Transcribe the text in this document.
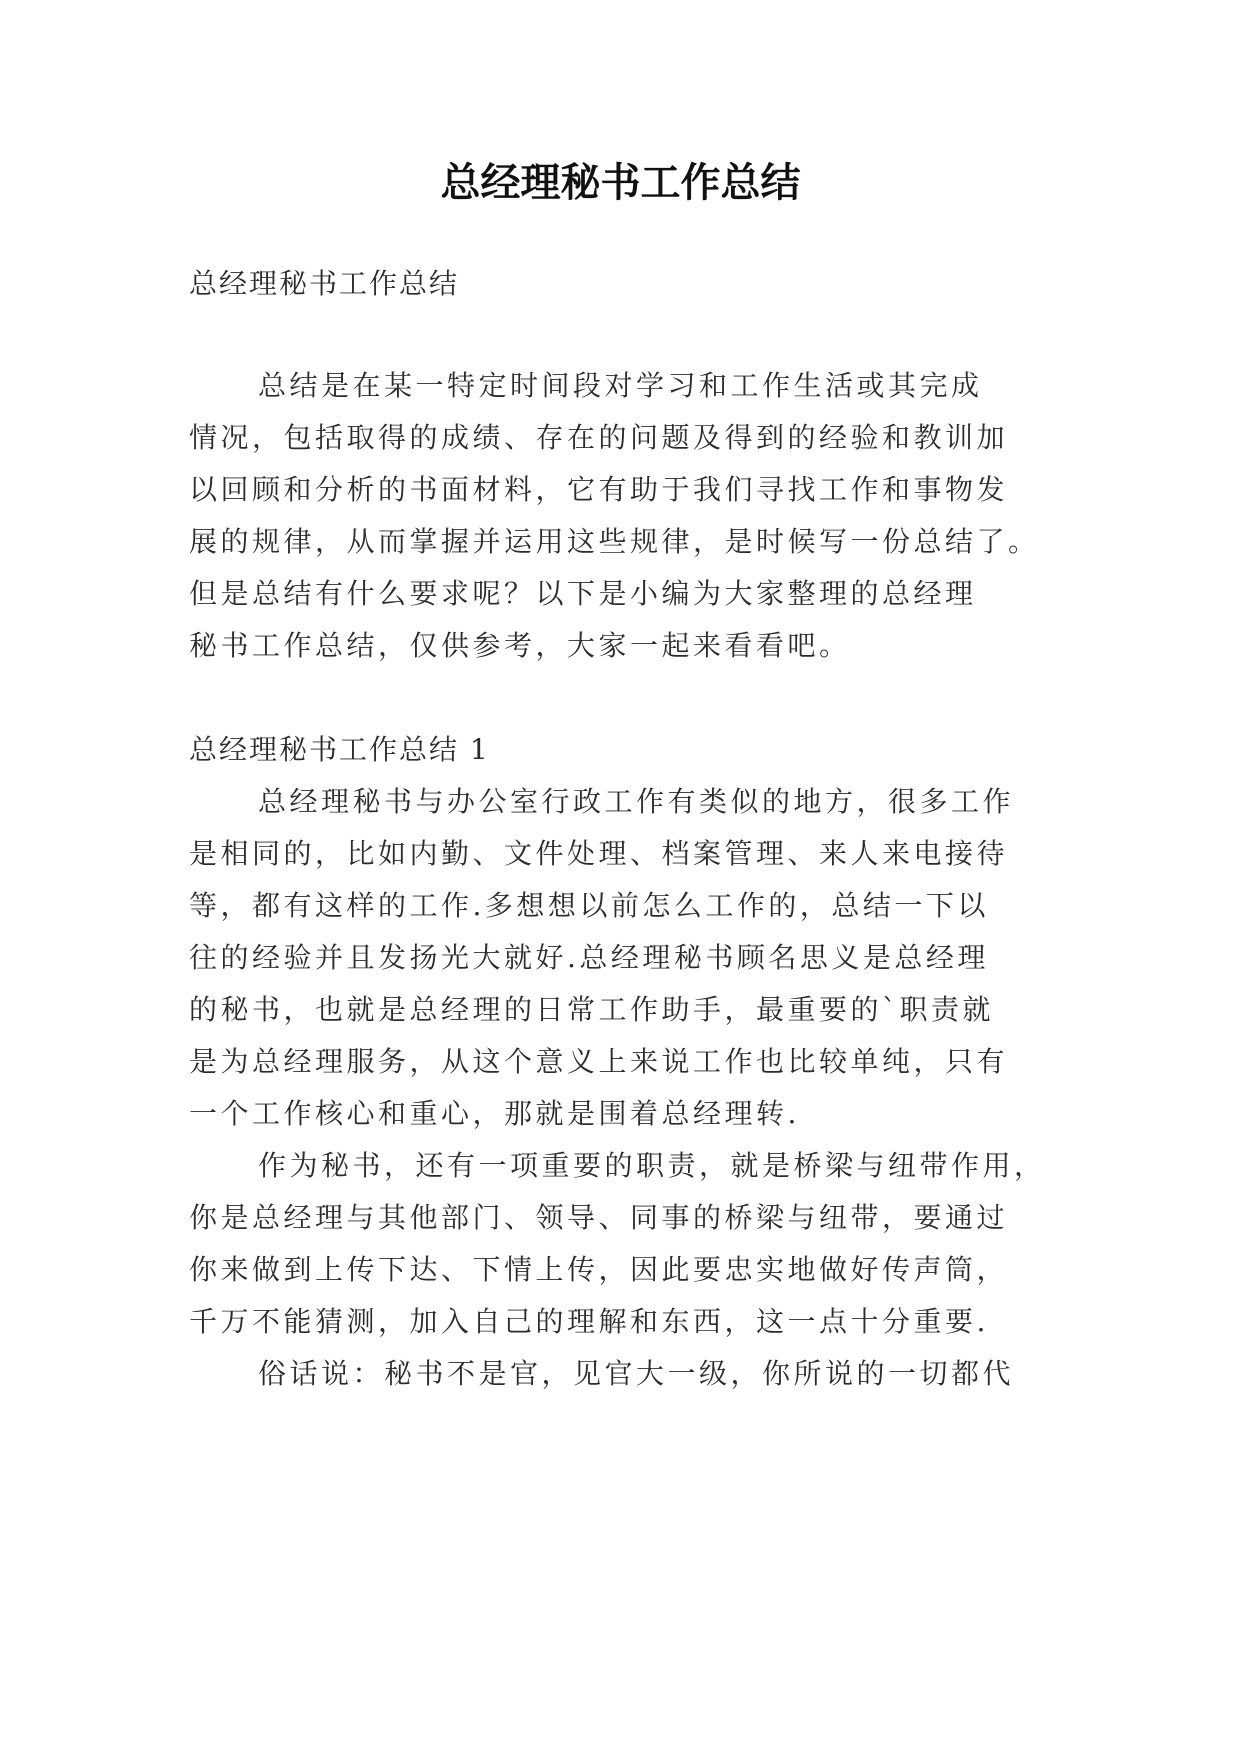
总经理秘书工作总结
总经理秘书工作总结
总结是在某一特定时间段对学习和工作生活或其完成
情况，包括取得的成绩、存在的问题及得到的经验和教训加
以回顾和分析的书面材料，它有助于我们寻找工作和事物发
展的规律，从而掌握并运用这些规律，是时候写一份总结了。
但是总结有什么要求呢？以下是小编为大家整理的总经理
秘书工作总结，仅供参考，大家一起来看看吧。
总经理秘书工作总结 1
总经理秘书与办公室行政工作有类似的地方，很多工作
是相同的，比如内勤、文件处理、档案管理、来人来电接待
等，都有这样的工作.多想想以前怎么工作的，总结一下以
往的经验并且发扬光大就好.总经理秘书顾名思义是总经理
的秘书，也就是总经理的日常工作助手，最重要的`职责就
是为总经理服务，从这个意义上来说工作也比较单纯，只有
一个工作核心和重心，那就是围着总经理转.
作为秘书，还有一项重要的职责，就是桥梁与纽带作用，
你是总经理与其他部门、领导、同事的桥梁与纽带，要通过
你来做到上传下达、下情上传，因此要忠实地做好传声筒，
千万不能猜测，加入自己的理解和东西，这一点十分重要.
俗话说：秘书不是官，见官大一级，你所说的一切都代
